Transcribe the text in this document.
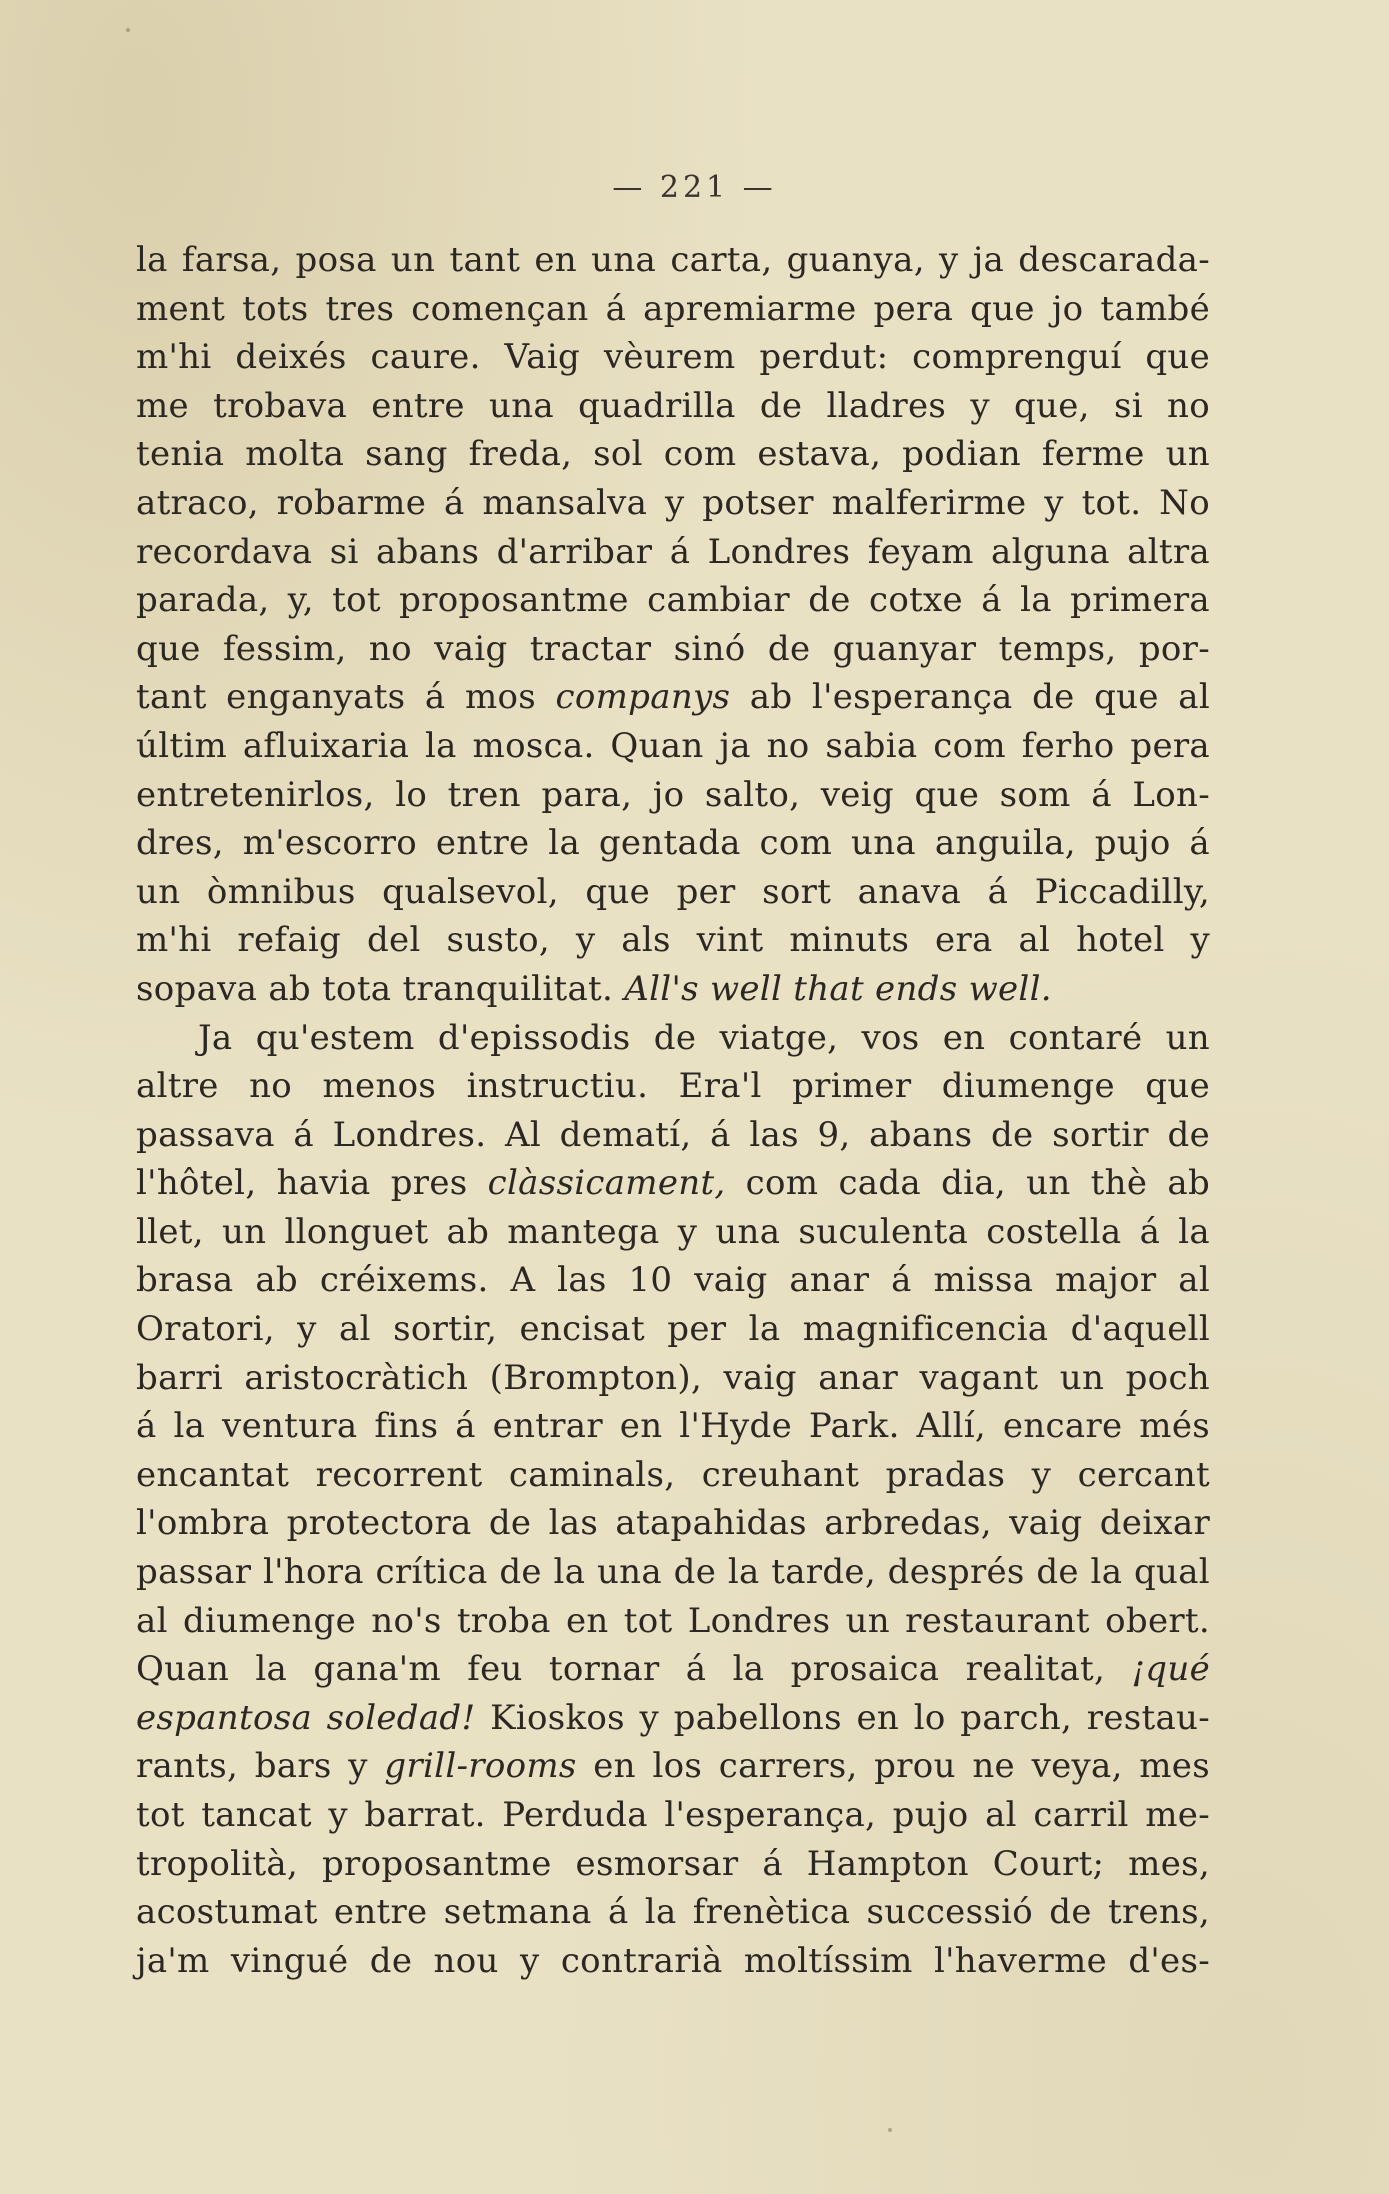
— 221 —
la farsa, posa un tant en una carta, guanya, y ja descarada-
ment tots tres començan á apremiarme pera que jo també
m'hi deixés caure. Vaig vèurem perdut: comprenguí que
me trobava entre una quadrilla de lladres y que, si no
tenia molta sang freda, sol com estava, podian ferme un
atraco, robarme á mansalva y potser malferirme y tot. No
recordava si abans d'arribar á Londres feyam alguna altra
parada, y, tot proposantme cambiar de cotxe á la primera
que fessim, no vaig tractar sinó de guanyar temps, por-
tant enganyats á mos companys ab l'esperança de que al
últim afluixaria la mosca. Quan ja no sabia com ferho pera
entretenirlos, lo tren para, jo salto, veig que som á Lon-
dres, m'escorro entre la gentada com una anguila, pujo á
un òmnibus qualsevol, que per sort anava á Piccadilly,
m'hi refaig del susto, y als vint minuts era al hotel y
sopava ab tota tranquilitat. All's well that ends well.
Ja qu'estem d'epissodis de viatge, vos en contaré un
altre no menos instructiu. Era'l primer diumenge que
passava á Londres. Al dematí, á las 9, abans de sortir de
l'hôtel, havia pres clàssicament, com cada dia, un thè ab
llet, un llonguet ab mantega y una suculenta costella á la
brasa ab créixems. A las 10 vaig anar á missa major al
Oratori, y al sortir, encisat per la magnificencia d'aquell
barri aristocràtich (Brompton), vaig anar vagant un poch
á la ventura fins á entrar en l'Hyde Park. Allí, encare més
encantat recorrent caminals, creuhant pradas y cercant
l'ombra protectora de las atapahidas arbredas, vaig deixar
passar l'hora crítica de la una de la tarde, després de la qual
al diumenge no's troba en tot Londres un restaurant obert.
Quan la gana'm feu tornar á la prosaica realitat, ¡qué
espantosa soledad! Kioskos y pabellons en lo parch, restau-
rants, bars y grill-rooms en los carrers, prou ne veya, mes
tot tancat y barrat. Perduda l'esperança, pujo al carril me-
tropolità, proposantme esmorsar á Hampton Court; mes,
acostumat entre setmana á la frenètica successió de trens,
ja'm vingué de nou y contrarià moltíssim l'haverme d'es-
